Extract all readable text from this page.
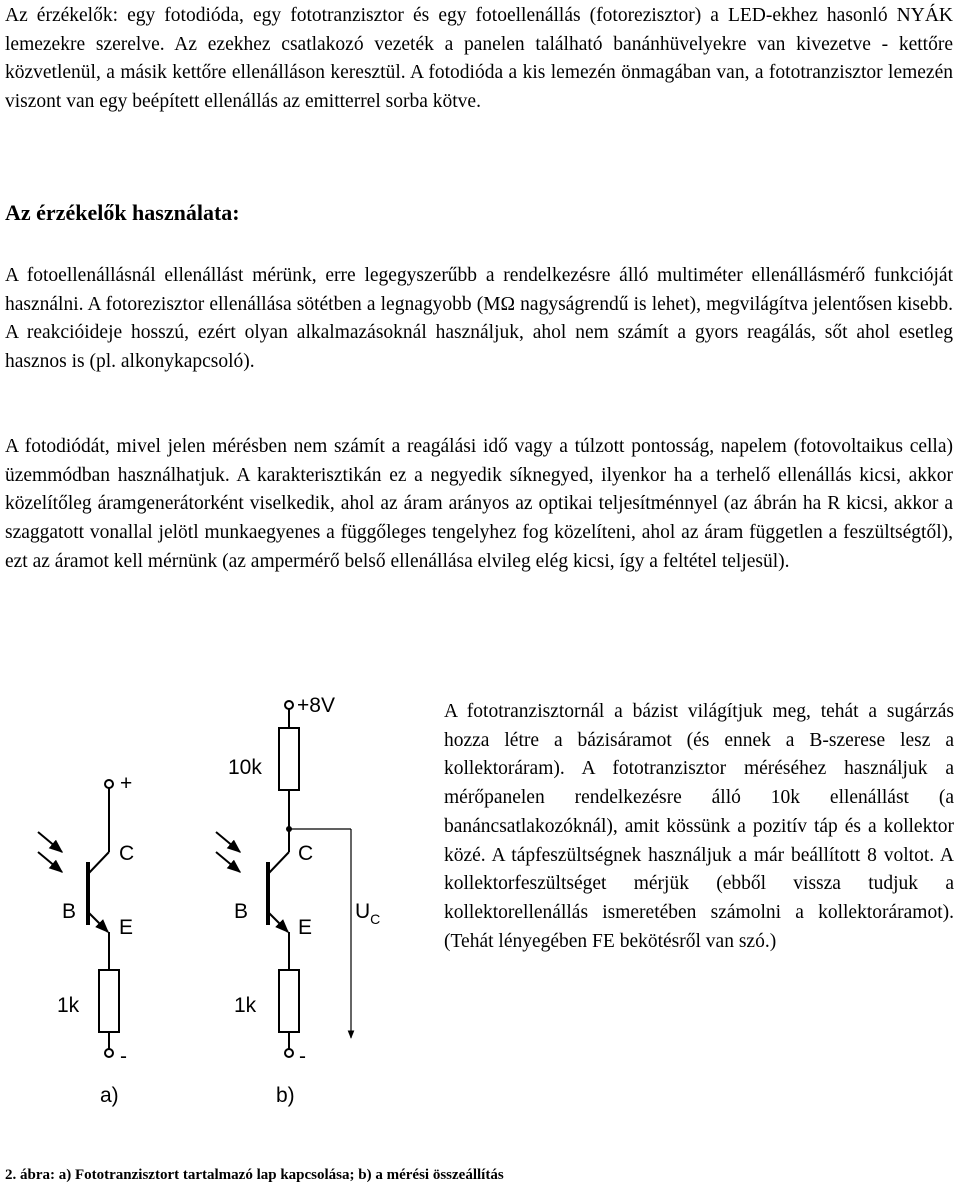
Az érzékelők: egy fotodióda, egy fototranzisztor és egy fotoellenállás (fotorezisztor) a LED-ekhez hasonló NYÁK lemezekre szerelve. Az ezekhez csatlakozó vezeték a panelen található banánhüvelyekre van kivezetve - kettőre közvetlenül, a másik kettőre ellenálláson keresztül. A fotodióda a kis lemezén önmagában van, a fototranzisztor lemezén viszont van egy beépített ellenállás az emitterrel sorba kötve.

Az érzékelők használata:

A fotoellenállásnál ellenállást mérünk, erre legegyszerűbb a rendelkezésre álló multiméter ellenállásmérő funkcióját használni. A fotorezisztor ellenállása sötétben a legnagyobb (MΩ nagyságrendű is lehet), megvilágítva jelentősen kisebb. A reakcióideje hosszú, ezért olyan alkalmazásoknál használjuk, ahol nem számít a gyors reagálás, sőt ahol esetleg hasznos is (pl. alkonykapcsoló).

A fotodiódát, mivel jelen mérésben nem számít a reagálási idő vagy a túlzott pontosság, napelem (fotovoltaikus cella) üzemmódban használhatjuk. A karakterisztikán ez a negyedik síknegyed, ilyenkor ha a terhelő ellenállás kicsi, akkor közelítőleg áramgenerátorként viselkedik, ahol az áram arányos az optikai teljesítménnyel (az ábrán ha R kicsi, akkor a szaggatott vonallal jelötl munkaegyenes a függőleges tengelyhez fog közelíteni, ahol az áram független a feszültségtől), ezt az áramot kell mérnünk (az ampermérő belső ellenállása elvileg elég kicsi, így a feltétel teljesül).

+
C
B
E
1k
-
a)
+8V
10k
C
B
E
$U_C$
1k
-
b)

A fototranzisztornál a bázist világítjuk meg, tehát a sugárzás hozza létre a bázisáramot (és ennek a B-szerese lesz a kollektoráram). A fototranzisztor méréséhez használjuk a mérőpanelen rendelkezésre álló 10k ellenállást (a banáncsatlakozóknál), amit kössünk a pozitív táp és a kollektor közé. A tápfeszültségnek használjuk a már beállított 8 voltot. A kollektorfeszültséget mérjük (ebből vissza tudjuk a kollektorellenállás ismeretében számolni a kollektoráramot). (Tehát lényegében FE bekötésről van szó.)

2. ábra: a) Fototranzisztort tartalmazó lap kapcsolása; b) a mérési összeállítás
